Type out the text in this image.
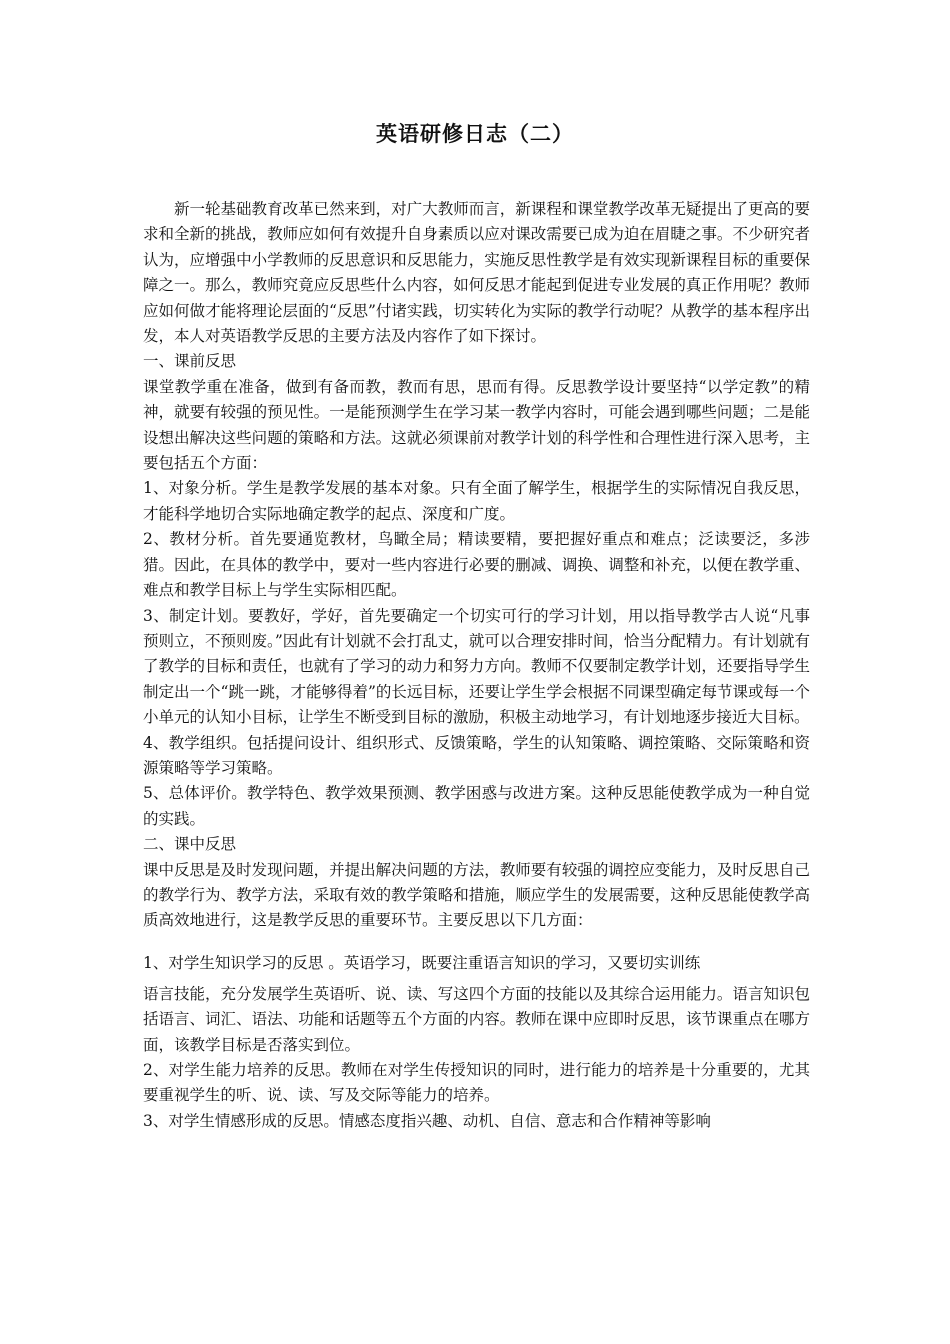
英语研修日志（二）

新一轮基础教育改革已然来到，对广大教师而言，新课程和课堂教学改革无疑提出了更高的要求和全新的挑战，教师应如何有效提升自身素质以应对课改需要已成为迫在眉睫之事。不少研究者认为，应增强中小学教师的反思意识和反思能力，实施反思性教学是有效实现新课程目标的重要保障之一。那么，教师究竟应反思些什么内容，如何反思才能起到促进专业发展的真正作用呢？教师应如何做才能将理论层面的“反思”付诸实践，切实转化为实际的教学行动呢？从教学的基本程序出发，本人对英语教学反思的主要方法及内容作了如下探讨。

一、课前反思

课堂教学重在准备，做到有备而教，教而有思，思而有得。反思教学设计要坚持“以学定教”的精神，就要有较强的预见性。一是能预测学生在学习某一教学内容时，可能会遇到哪些问题；二是能设想出解决这些问题的策略和方法。这就必须课前对教学计划的科学性和合理性进行深入思考，主要包括五个方面：

1、对象分析。学生是教学发展的基本对象。只有全面了解学生，根据学生的实际情况自我反思，才能科学地切合实际地确定教学的起点、深度和广度。

2、教材分析。首先要通览教材，鸟瞰全局；精读要精，要把握好重点和难点；泛读要泛，多涉猎。因此，在具体的教学中，要对一些内容进行必要的删减、调换、调整和补充，以便在教学重、难点和教学目标上与学生实际相匹配。

3、制定计划。要教好，学好，首先要确定一个切实可行的学习计划，用以指导教学古人说“凡事预则立，不预则废。”因此有计划就不会打乱丈，就可以合理安排时间，恰当分配精力。有计划就有了教学的目标和责任，也就有了学习的动力和努力方向。教师不仅要制定教学计划，还要指导学生制定出一个“跳一跳，才能够得着”的长远目标，还要让学生学会根据不同课型确定每节课或每一个小单元的认知小目标，让学生不断受到目标的激励，积极主动地学习，有计划地逐步接近大目标。

4、教学组织。包括提问设计、组织形式、反馈策略，学生的认知策略、调控策略、交际策略和资源策略等学习策略。

5、总体评价。教学特色、教学效果预测、教学困惑与改进方案。这种反思能使教学成为一种自觉的实践。

二、课中反思

课中反思是及时发现问题，并提出解决问题的方法，教师要有较强的调控应变能力，及时反思自己的教学行为、教学方法，采取有效的教学策略和措施，顺应学生的发展需要，这种反思能使教学高质高效地进行，这是教学反思的重要环节。主要反思以下几方面：

1、对学生知识学习的反思 。英语学习，既要注重语言知识的学习，又要切实训练

语言技能，充分发展学生英语听、说、读、写这四个方面的技能以及其综合运用能力。语言知识包括语言、词汇、语法、功能和话题等五个方面的内容。教师在课中应即时反思，该节课重点在哪方面，该教学目标是否落实到位。

2、对学生能力培养的反思。教师在对学生传授知识的同时，进行能力的培养是十分重要的，尤其要重视学生的听、说、读、写及交际等能力的培养。

3、对学生情感形成的反思。情感态度指兴趣、动机、自信、意志和合作精神等影响
